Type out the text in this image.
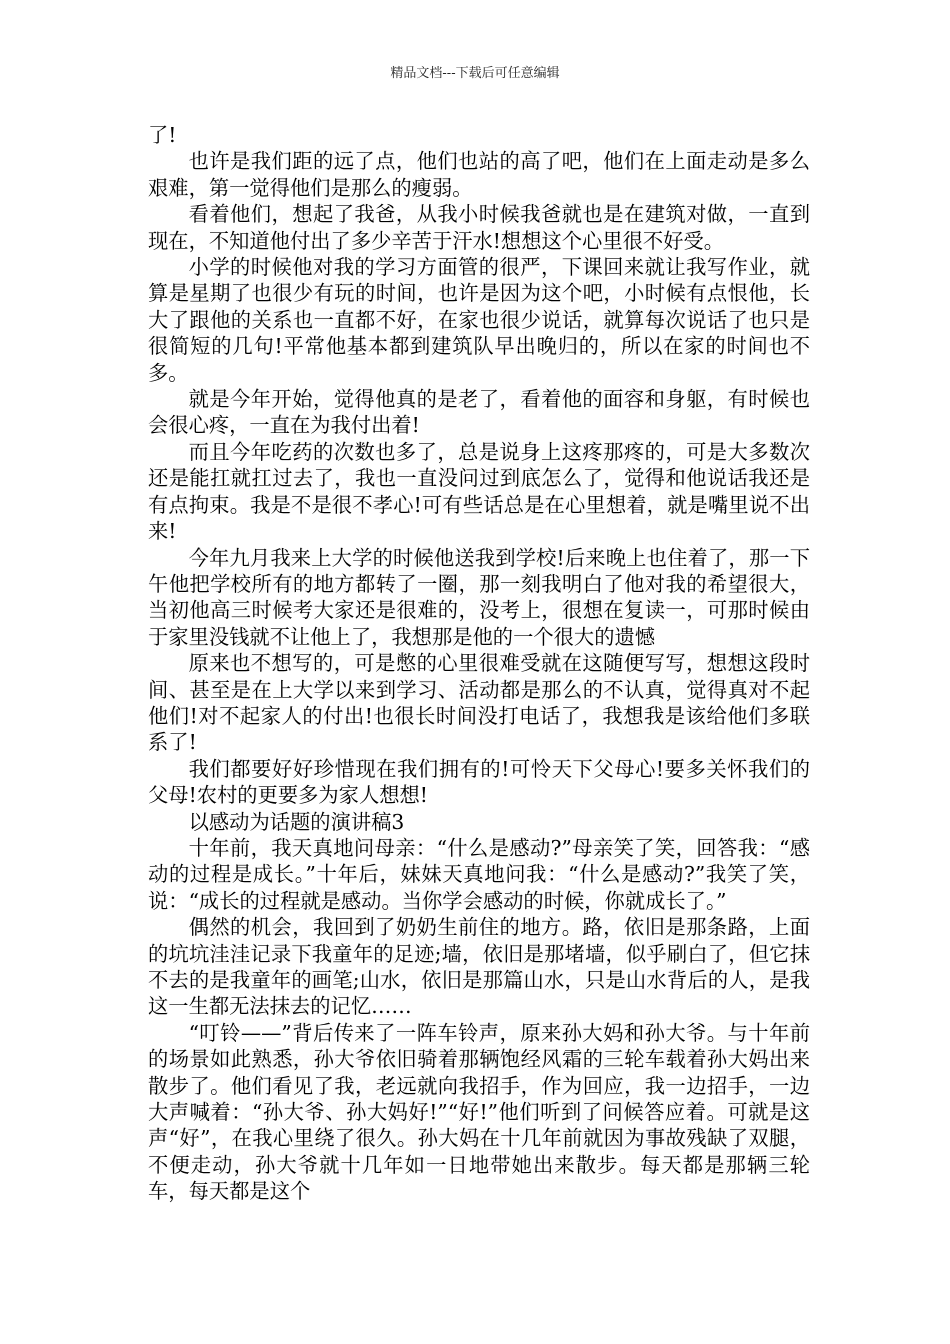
精品文档---下载后可任意编辑

了!

也许是我们距的远了点，他们也站的高了吧，他们在上面走动是多么艰难，第一觉得他们是那么的瘦弱。

看着他们，想起了我爸，从我小时候我爸就也是在建筑对做，一直到现在，不知道他付出了多少辛苦于汗水!想想这个心里很不好受。

小学的时候他对我的学习方面管的很严，下课回来就让我写作业，就算是星期了也很少有玩的时间，也许是因为这个吧，小时候有点恨他，长大了跟他的关系也一直都不好，在家也很少说话，就算每次说话了也只是很简短的几句!平常他基本都到建筑队早出晚归的，所以在家的时间也不多。

就是今年开始，觉得他真的是老了，看着他的面容和身躯，有时候也会很心疼，一直在为我付出着!

而且今年吃药的次数也多了，总是说身上这疼那疼的，可是大多数次还是能扛就扛过去了，我也一直没问过到底怎么了，觉得和他说话我还是有点拘束。我是不是很不孝心!可有些话总是在心里想着，就是嘴里说不出来!

今年九月我来上大学的时候他送我到学校!后来晚上也住着了，那一下午他把学校所有的地方都转了一圈，那一刻我明白了他对我的希望很大，当初他高三时候考大家还是很难的，没考上，很想在复读一，可那时候由于家里没钱就不让他上了，我想那是他的一个很大的遗憾

原来也不想写的，可是憋的心里很难受就在这随便写写，想想这段时间、甚至是在上大学以来到学习、活动都是那么的不认真，觉得真对不起他们!对不起家人的付出!也很长时间没打电话了，我想我是该给他们多联系了!

我们都要好好珍惜现在我们拥有的!可怜天下父母心!要多关怀我们的父母!农村的更要多为家人想想!

以感动为话题的演讲稿3

十年前，我天真地问母亲：“什么是感动?”母亲笑了笑，回答我：“感动的过程是成长。”十年后，妹妹天真地问我：“什么是感动?”我笑了笑，说：“成长的过程就是感动。当你学会感动的时候，你就成长了。”

偶然的机会，我回到了奶奶生前住的地方。路，依旧是那条路，上面的坑坑洼洼记录下我童年的足迹;墙，依旧是那堵墙，似乎刷白了，但它抹不去的是我童年的画笔;山水，依旧是那篇山水，只是山水背后的人，是我这一生都无法抹去的记忆……

“叮铃——”背后传来了一阵车铃声，原来孙大妈和孙大爷。与十年前的场景如此熟悉，孙大爷依旧骑着那辆饱经风霜的三轮车载着孙大妈出来散步了。他们看见了我，老远就向我招手，作为回应，我一边招手，一边大声喊着：“孙大爷、孙大妈好!”“好!”他们听到了问候答应着。可就是这声“好”，在我心里绕了很久。孙大妈在十几年前就因为事故残缺了双腿，不便走动，孙大爷就十几年如一日地带她出来散步。每天都是那辆三轮车，每天都是这个
